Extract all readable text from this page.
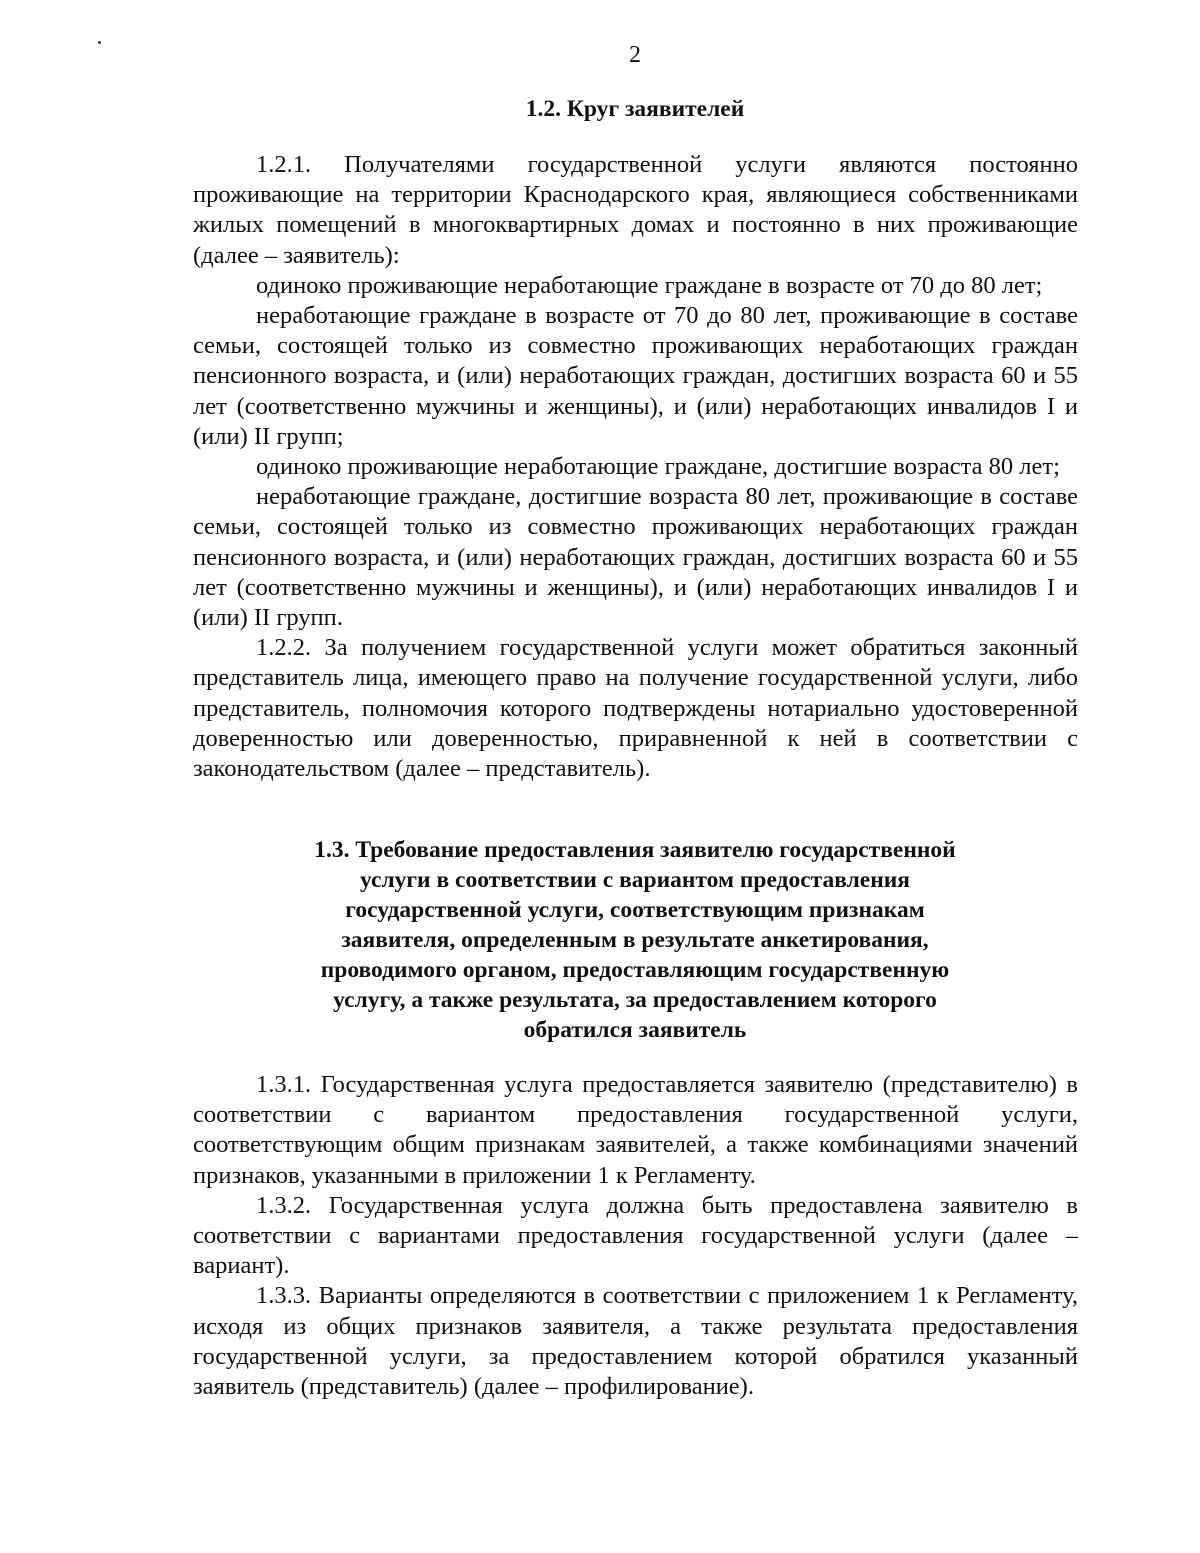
2
1.2. Круг заявителей

1.2.1. Получателями государственной услуги являются постоянно проживающие на территории Краснодарского края, являющиеся собственниками жилых помещений в многоквартирных домах и постоянно в них проживающие (далее – заявитель):

одиноко проживающие неработающие граждане в возрасте от 70 до 80 лет;

неработающие граждане в возрасте от 70 до 80 лет, проживающие в составе семьи, состоящей только из совместно проживающих неработающих граждан пенсионного возраста, и (или) неработающих граждан, достигших возраста 60 и 55 лет (соответственно мужчины и женщины), и (или) неработающих инвалидов I и (или) II групп;

одиноко проживающие неработающие граждане, достигшие возраста 80 лет;

неработающие граждане, достигшие возраста 80 лет, проживающие в составе семьи, состоящей только из совместно проживающих неработающих граждан пенсионного возраста, и (или) неработающих граждан, достигших возраста 60 и 55 лет (соответственно мужчины и женщины), и (или) неработающих инвалидов I и (или) II групп.

1.2.2. За получением государственной услуги может обратиться законный представитель лица, имеющего право на получение государственной услуги, либо представитель, полномочия которого подтверждены нотариально удостоверенной доверенностью или доверенностью, приравненной к ней в соответствии с законодательством (далее – представитель).

1.3. Требование предоставления заявителю государственной
услуги в соответствии с вариантом предоставления
государственной услуги, соответствующим признакам
заявителя, определенным в результате анкетирования,
проводимого органом, предоставляющим государственную
услугу, а также результата, за предоставлением которого
обратился заявитель

1.3.1. Государственная услуга предоставляется заявителю (представителю) в соответствии с вариантом предоставления государственной услуги, соответствующим общим признакам заявителей, а также комбинациями значений признаков, указанными в приложении 1 к Регламенту.

1.3.2. Государственная услуга должна быть предоставлена заявителю в соответствии с вариантами предоставления государственной услуги (далее – вариант).

1.3.3. Варианты определяются в соответствии с приложением 1 к Регламенту, исходя из общих признаков заявителя, а также результата предоставления государственной услуги, за предоставлением которой обратился указанный заявитель (представитель) (далее – профилирование).
